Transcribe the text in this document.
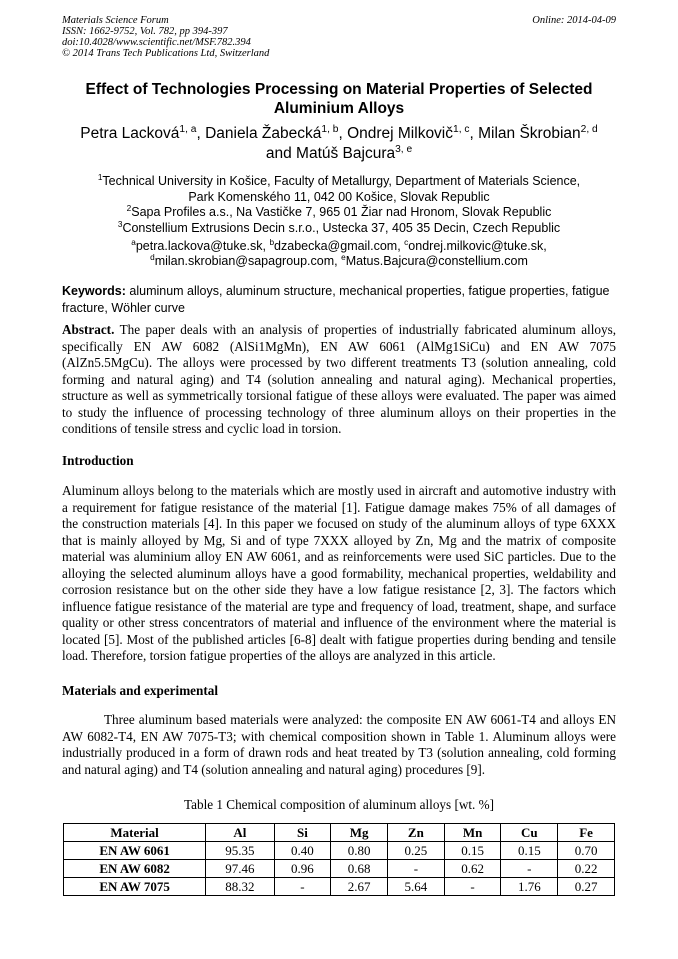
Materials Science Forum
ISSN: 1662-9752, Vol. 782, pp 394-397
doi:10.4028/www.scientific.net/MSF.782.394
© 2014 Trans Tech Publications Ltd, Switzerland
Online: 2014-04-09
Effect of Technologies Processing on Material Properties of Selected
Aluminium Alloys
Petra Lacková$^{1, a}$, Daniela Žabecká$^{1, b}$, Ondrej Milkovič$^{1, c}$, Milan Škrobian$^{2, d}$
and Matúš Bajcura$^{3, e}$
$^1$Technical University in Košice, Faculty of Metallurgy, Department of Materials Science,
Park Komenského 11, 042 00 Košice, Slovak Republic
$^2$Sapa Profiles a.s., Na Vastičke 7, 965 01 Žiar nad Hronom, Slovak Republic
$^3$Constellium Extrusions Decin s.r.o., Ustecka 37, 405 35 Decin, Czech Republic
$^a$petra.lackova@tuke.sk, $^b$dzabecka@gmail.com, $^c$ondrej.milkovic@tuke.sk,
$^d$milan.skrobian@sapagroup.com, $^e$Matus.Bajcura@constellium.com
Keywords: aluminum alloys, aluminum structure, mechanical properties, fatigue properties, fatigue fracture, Wöhler curve
Abstract. The paper deals with an analysis of properties of industrially fabricated aluminum alloys, specifically EN AW 6082 (AlSi1MgMn), EN AW 6061 (AlMg1SiCu) and EN AW 7075 (AlZn5.5MgCu). The alloys were processed by two different treatments T3 (solution annealing, cold forming and natural aging) and T4 (solution annealing and natural aging). Mechanical properties, structure as well as symmetrically torsional fatigue of these alloys were evaluated. The paper was aimed to study the influence of processing technology of three aluminum alloys on their properties in the conditions of tensile stress and cyclic load in torsion.
Introduction
Aluminum alloys belong to the materials which are mostly used in aircraft and automotive industry with a requirement for fatigue resistance of the material [1]. Fatigue damage makes 75% of all damages of the construction materials [4]. In this paper we focused on study of the aluminum alloys of type 6XXX that is mainly alloyed by Mg, Si and of type 7XXX alloyed by Zn, Mg and the matrix of composite material was aluminium alloy EN AW 6061, and as reinforcements were used SiC particles. Due to the alloying the selected aluminum alloys have a good formability, mechanical properties, weldability and corrosion resistance but on the other side they have a low fatigue resistance [2, 3]. The factors which influence fatigue resistance of the material are type and frequency of load, treatment, shape, and surface quality or other stress concentrators of material and influence of the environment where the material is located [5]. Most of the published articles [6-8] dealt with fatigue properties during bending and tensile load. Therefore, torsion fatigue properties of the alloys are analyzed in this article.
Materials and experimental
Three aluminum based materials were analyzed: the composite EN AW 6061-T4 and alloys EN AW 6082-T4, EN AW 7075-T3; with chemical composition shown in Table 1. Aluminum alloys were industrially produced in a form of drawn rods and heat treated by T3 (solution annealing, cold forming and natural aging) and T4 (solution annealing and natural aging) procedures [9].
Table 1 Chemical composition of aluminum alloys [wt. %]
Material	Al	Si	Mg	Zn	Mn	Cu	Fe
EN AW 6061	95.35	0.40	0.80	0.25	0.15	0.15	0.70
EN AW 6082	97.46	0.96	0.68	-	0.62	-	0.22
EN AW 7075	88.32	-	2.67	5.64	-	1.76	0.27
